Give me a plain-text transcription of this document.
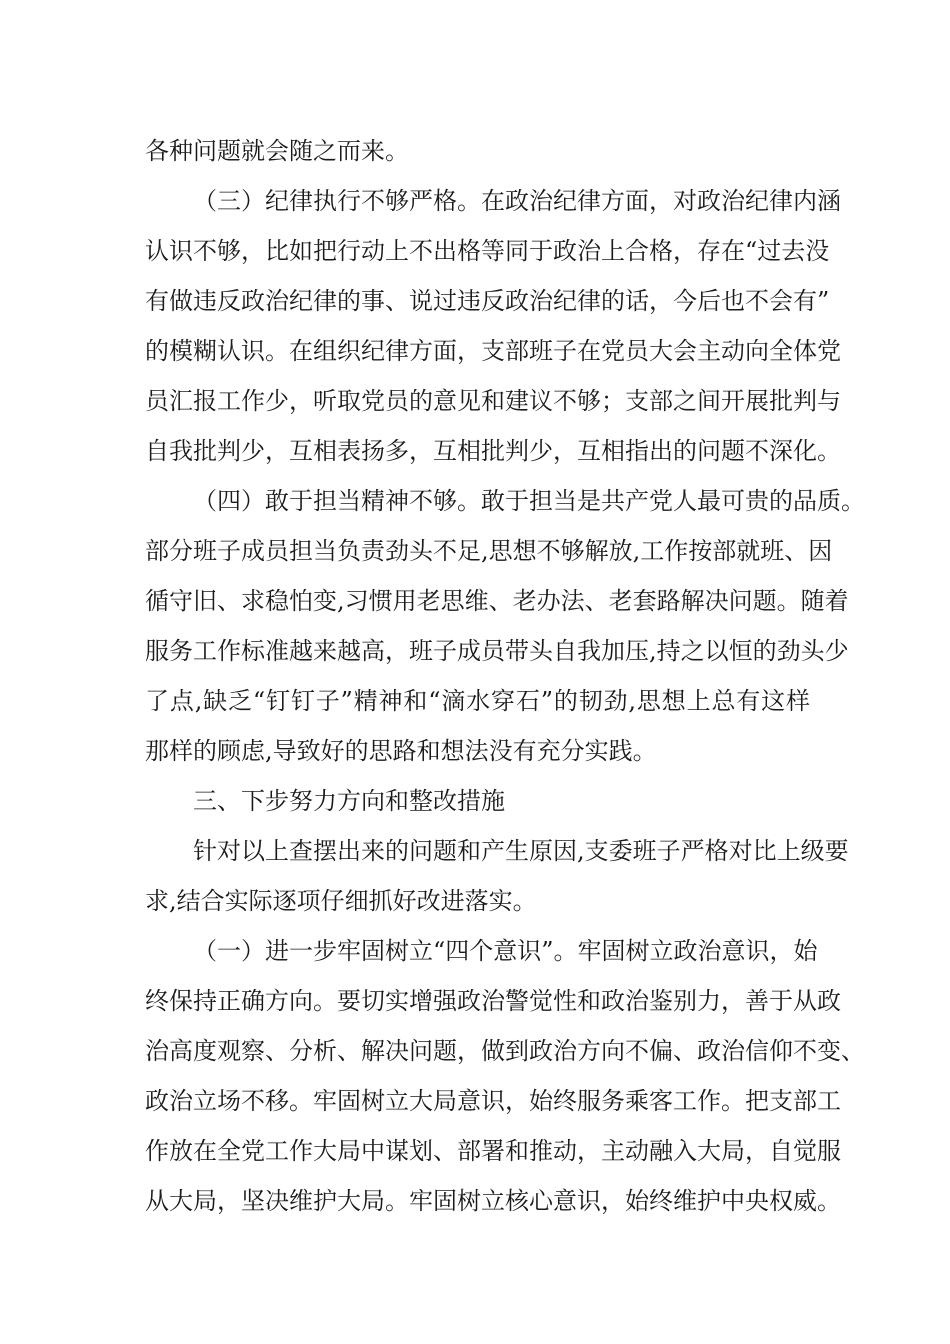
各种问题就会随之而来。
（三）纪律执行不够严格。在政治纪律方面，对政治纪律内涵
认识不够，比如把行动上不出格等同于政治上合格，存在“过去没
有做违反政治纪律的事、说过违反政治纪律的话，今后也不会有”
的模糊认识。在组织纪律方面，支部班子在党员大会主动向全体党
员汇报工作少，听取党员的意见和建议不够；支部之间开展批判与
自我批判少，互相表扬多，互相批判少，互相指出的问题不深化。
（四）敢于担当精神不够。敢于担当是共产党人最可贵的品质。
部分班子成员担当负责劲头不足,思想不够解放,工作按部就班、因
循守旧、求稳怕变,习惯用老思维、老办法、老套路解决问题。随着
服务工作标准越来越高，班子成员带头自我加压,持之以恒的劲头少
了点,缺乏“钉钉子”精神和“滴水穿石”的韧劲,思想上总有这样
那样的顾虑,导致好的思路和想法没有充分实践。
三、下步努力方向和整改措施
针对以上查摆出来的问题和产生原因,支委班子严格对比上级要
求,结合实际逐项仔细抓好改进落实。
（一）进一步牢固树立“四个意识”。牢固树立政治意识，始
终保持正确方向。要切实增强政治警觉性和政治鉴别力，善于从政
治高度观察、分析、解决问题，做到政治方向不偏、政治信仰不变、
政治立场不移。牢固树立大局意识，始终服务乘客工作。把支部工
作放在全党工作大局中谋划、部署和推动，主动融入大局，自觉服
从大局，坚决维护大局。牢固树立核心意识，始终维护中央权威。
